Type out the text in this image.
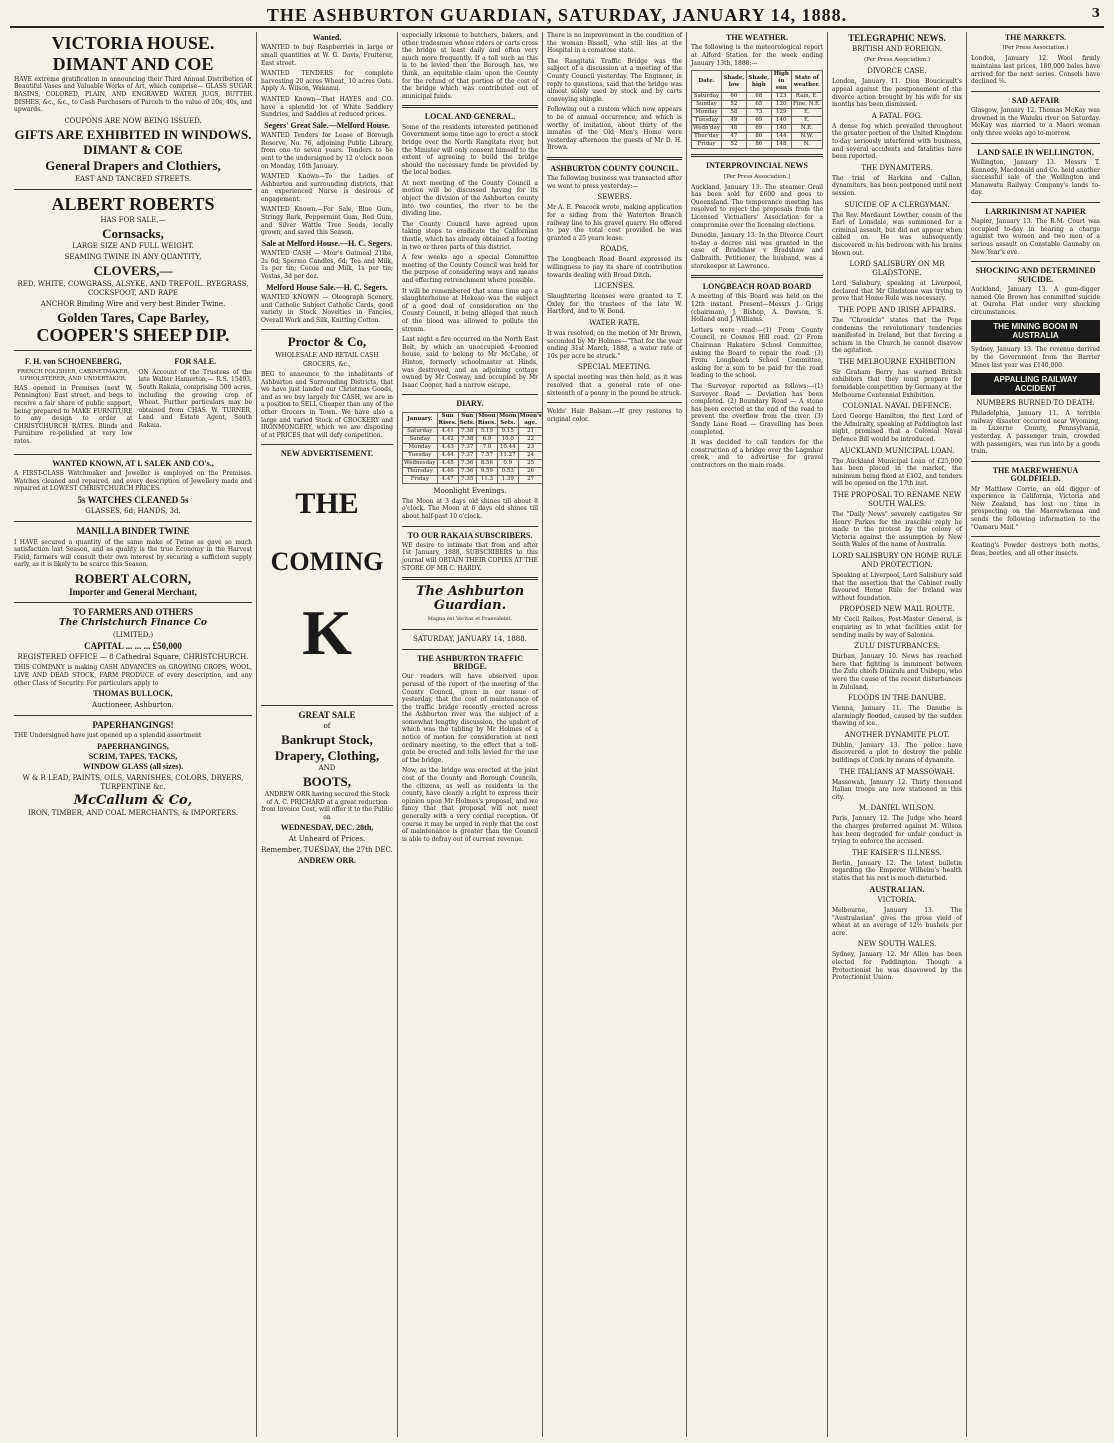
THE ASHBURTON GUARDIAN, SATURDAY, JANUARY 14, 1888.	3
VICTORIA HOUSE.
DIMANT AND COE

HAVE extreme gratification in announcing their Third Annual Distribution of Beautiful Vases and Valuable Works of Art, which comprise— GLASS SUGAR BASINS, COLORED, PLAIN, AND ENGRAVED WATER JUGS, BUTTER DISHES, &c., &c., to Cash Purchasers of Parcels to the value of 20s, 40s, and upwards.

COUPONS ARE NOW BEING ISSUED.
GIFTS ARE EXHIBITED IN WINDOWS.
DIMANT & COE
General Drapers and Clothiers,
EAST AND TANCRED STREETS.
ALBERT ROBERTS
HAS FOR SALE,—
Cornsacks,
LARGE SIZE AND FULL WEIGHT.
SEAMING TWINE IN ANY QUANTITY,
CLOVERS,—
RED, WHITE, COWGRASS, ALSYKE, AND TREFOIL. RYEGRASS, COCKSFOOT, AND RAPE
ANCHOR Binding Wire and very best Binder Twine.
Golden Tares, Cape Barley,
COOPER'S SHEEP DIP.
F. H. von SCHOENEBERG,
FRENCH POLISHER, CABINETMAKER, UPHOLSTERER, AND UNDERTAKER,

HAS opened in Premises (next W. Pennington) East street, and begs to receive a fair share of public support, being prepared to MAKE FURNITURE to any design to order at CHRISTCHURCH RATES. Blinds and Furniture re-polished at very low rates.

FOR SALE.

ON Account of the Trustees of the late Walter Hamerton,— R.S. 15493, South Rakaia, comprising 500 acres, including the growing crop of Wheat. Further particulars may be obtained from CHAS. W. TURNER, Land and Estate Agent, South Rakaia.

WANTED KNOWN, AT I. SALEK AND CO's.,

A FIRST-CLASS Watchmaker and Jeweller is employed on the Premises. Watches cleaned and repaired, and every description of Jewellery made and repaired at LOWEST CHRISTCHURCH PRICES.

5s WATCHES CLEANED 5s
GLASSES, 6d; HANDS, 3d.
MANILLA BINDER TWINE

I HAVE secured a quantity of the same make of Twine as gave so much satisfaction last Season, and as quality is the true Economy in the Harvest Field, farmers will consult their own interest by securing a sufficient supply early, as it is likely to be scarce this Season.

ROBERT ALCORN,
Importer and General Merchant,
TO FARMERS AND OTHERS
The Christchurch Finance Co
(LIMITED.)
CAPITAL ... ... ... £50,000
REGISTERED OFFICE — 8 Cathedral Square, CHRISTCHURCH.

THIS COMPANY is making CASH ADVANCES on GROWING CROPS, WOOL, LIVE AND DEAD STOCK, FARM PRODUCE of every description, and any other Class of Security. For particulars apply to

THOMAS BULLOCK,
Auctioneer, Ashburton.
PAPERHANGINGS!

THE Undersigned have just opened up a splendid assortment

PAPERHANGINGS,
SCRIM, TAPES, TACKS,
WINDOW GLASS (all sizes).
W & R LEAD, PAINTS, OILS, VARNISHES, COLORS, DRYERS, TURPENTINE &c.
McCallum & Co,
IRON, TIMBER, AND COAL MERCHANTS, & IMPORTERS.
Wanted.

WANTED to buy Raspberries in large or small quantities at W. G. Davis, Fruiterer, East street.

WANTED TENDERS for complete harvesting 20 acres Wheat, 10 acres Oats. Apply A. Wilson, Wakanui.

WANTED Known—That HAYES and CO. have a splendid lot of White Saddlery Sundries, and Saddles at reduced prices.

Segers' Great Sale.—Melford House.

WANTED Tenders for Lease of Borough Reserve, No. 76, adjoining Public Library, from one to seven years. Tenders to be sent to the undersigned by 12 o'clock noon on Monday, 16th January.

WANTED Known—To the Ladies of Ashburton and surrounding districts, that an experienced Nurse is desirous of engagement.

WANTED Known.—For Sale, Blue Gum, Stringy Bark, Peppermint Gum, Red Gum, and Silver Wattle Tree Seeds, locally grown, and saved this Season.

Sale at Melford House.—H. C. Segers.

WANTED CASH — Moir's Oatmeal 21lbs, 2s 6d; Spermo Candles, 6d; Tea and Milk, 1s per tin; Cocoa and Milk, 1s per tin; Vestas, 3d per doz.

Melford House Sale.—H. C. Segers.

WANTED KNOWN — Oleograph Scenery, and Catholic Subject Catholic Cards, good variety in Stock Novelties in Fancies, Overall Work and Silk, Knitting Cotton.

Proctor & Co,
WHOLESALE AND RETAIL CASH GROCERS, &c.,

BEG to announce to the inhabitants of Ashburton and Surrounding Districts, that we have just landed our Christmas Goods, and as we buy largely for CASH, we are in a position to SELL Cheaper than any of the other Grocers in Town. We have also a large and varied Stock of CROCKERY and IRONMONGERY, which we are disposing of at PRICES that will defy competition.

NEW ADVERTISEMENT.
THE
COMING
K
GREAT SALE
of
Bankrupt Stock,
Drapery, Clothing,
AND
BOOTS,

ANDREW ORR having secured the Stock of A. C. PRICHARD at a great reduction from Invoice Cost, will offer it to the Public on

WEDNESDAY, DEC. 28th,
At Unheard of Prices.
Remember, TUESDAY, the 27th DEC.
ANDREW ORR.

especially irksome to butchers, bakers, and other tradesmen whose riders or carts cross the bridge at least daily and often very much more frequently. If a toll such as this is to be levied then the Borough has, we think, an equitable claim upon the County for the refund of that portion of the cost of the bridge which was contributed out of municipal funds.

LOCAL AND GENERAL.

Some of the residents interested petitioned Government some time ago to erect a stock bridge over the North Rangitata river, but the Minister will only consent himself to the extent of agreeing to build the bridge should the necessary funds be provided by the local bodies.

At next meeting of the County Council a motion will be discussed having for its object the division of the Ashburton county into two counties, the river to be the dividing line.

The County Council have agreed upon taking steps to eradicate the Californian thistle, which has already obtained a footing in two or three parts of this district.

A few weeks ago a special Committee meeting of the County Council was held for the purpose of considering ways and means and effecting retrenchment where possible.

It will be remembered that some time ago a slaughterhouse at Hekeao was the subject of a good deal of consideration on the County Council, it being alleged that much of the blood was allowed to pollute the stream.

Last night a fire occurred on the North East Belt, by which an unoccupied 4-roomed house, said to belong to Mr McCabe, of Hinton, formerly schoolmaster at Hinds, was destroyed, and an adjoining cottage owned by Mr Cosway, and occupied by Mr Isaac Cooper, had a narrow escape.

DIARY.
January.	Sun Rises.	Sun Sets.	Moon Rises.	Moon Sets.	Moon's age.
Saturday	4.41	7.38	5.19	9.15	21
Sunday	4.42	7.38	6.9	10.0	22
Monday	4.43	7.37	7.0	10.44	23
Tuesday	4.44	7.37	7.57	11.27	24
Wednesday	4.45	7.36	8.56	0.9	25
Thursday	4.46	7.36	9.59	0.53	26
Friday	4.47	7.35	11.3	1.39	27
Moonlight Evenings.

The Moon at 3 days old shines till about 8 o'clock. The Moon at 6 days old shines till about half-past 10 o'clock.

TO OUR RAKAIA SUBSCRIBERS.

WE desire to intimate that from and after 1st January, 1888, SUBSCRIBERS to this journal will OBTAIN THEIR COPIES AT THE STORE OF MR C. HARDY.

The Ashburton Guardian.
Magna est Veritas et Praevalebit.
SATURDAY, JANUARY 14, 1888.
THE ASHBURTON TRAFFIC BRIDGE.

Our readers will have observed upon perusal of the report of the meeting of the County Council, given in our issue of yesterday, that the cost of maintenance of the traffic bridge recently erected across the Ashburton river was the subject of a somewhat lengthy discussion, the upshot of which was the tabling by Mr Holmes of a notice of motion for consideration at next ordinary meeting, to the effect that a toll-gate be erected and tolls levied for the use of the bridge.

Now, as the bridge was erected at the joint cost of the County and Borough Councils, the citizens, as well as residents in the county, have clearly a right to express their opinion upon Mr Holmes's proposal, and we fancy that that proposal will not meet generally with a very cordial reception. Of course it may be urged in reply that the cost of maintenance is greater than the Council is able to defray out of current revenue.

There is no improvement in the condition of the woman Bissell, who still lies at the Hospital in a comatose state.

The Rangitata Traffic Bridge was the subject of a discussion at a meeting of the County Council yesterday. The Engineer, in reply to questions, said that the bridge was almost solely used by stock and by carts conveying shingle.

Following out a custom which now appears to be of annual occurrence, and which is worthy of imitation, about thirty of the inmates of the Old Men's Home were yesterday afternoon the guests of Mr D. H. Brown.

ASHBURTON COUNTY COUNCIL.

The following business was transacted after we went to press yesterday:—

SEWERS.

Mr A. E. Peacock wrote, making application for a siding from the Waterton Branch railway line to his gravel quarry. He offered to pay the total cost provided he was granted a 25 years lease.

ROADS.

The Longbeach Road Board expressed its willingness to pay its share of contribution towards dealing with Broad Ditch.

LICENSES.

Slaughtering licenses were granted to T. Oxley for the trustees of the late W. Hartford, and to W. Bond.

WATER RATE.

It was resolved, on the motion of Mr Brown, seconded by Mr Holmes—"That for the year ending 31st March, 1888, a water rate of 10s per acre be struck."

SPECIAL MEETING.

A special meeting was then held, as it was resolved that a general rate of one-sixteenth of a penny in the pound be struck.

Welds' Hair Balsam.—If grey restores to original color.

THE WEATHER.

The following is the meteorological report at Alford Station for the week ending January 13th, 1888:—

Date.	Shade, low	Shade, high	High in sun	State of weather.
Saturday	60	68	123	Rain, E.
Sunday	52	65	120	Fine, N.E.
Monday	58	73	129	E.
Tuesday	49	69	140	E.
Wedn'day	48	69	140	N.E.
Thur'day	47	80	144	N.W.
Friday	52	86	148	N.
INTERPROVINCIAL NEWS
[Per Press Association.]

Auckland, January 13. The steamer Grail has been sold for £600 and goes to Queensland. The temperance meeting has resolved to reject the proposals from the Licensed Victuallers' Association for a compromise over the licensing elections.

Dunedin, January 13. In the Divorce Court to-day a decree nisi was granted in the case of Bradshaw v Bradshaw and Galbraith. Petitioner, the husband, was a storekeeper at Lawrence.

LONGBEACH ROAD BOARD

A meeting of this Board was held on the 12th instant. Present—Messrs J. Grigg (chairman), J. Bishop, A. Dawson, S. Holland and J. Williams.

Letters were read:—(1) From County Council, re Cosmos Hill road. (2) From Chairman Hakatere School Committee, asking the Board to repair the road. (3) From Longbeach School Committee, asking for a sum to be paid for the road leading to the school.

The Surveyor reported as follows:—(1) Surveyor Road — Deviation has been completed. (2) Boundary Road — A stone has been erected at the end of the road to prevent the overflow from the river. (3) Sandy Lane Road — Gravelling has been completed.

It was decided to call tenders for the construction of a bridge over the Lagmhor creek, and to advertise for gravel contractors on the main roads.

TELEGRAPHIC NEWS.
BRITISH AND FOREIGN.
(Per Press Association.)
DIVORCE CASE.

London, January 11. Dion Boucicault's appeal against the postponement of the divorce action brought by his wife for six months has been dismissed.

A FATAL FOG.

A dense fog which prevailed throughout the greater portion of the United Kingdom to-day seriously interfered with business, and several accidents and fatalities have been reported.

THE DYNAMITERS.

The trial of Harkins and Callan, dynamiters, has been postponed until next session.

SUICIDE OF A CLERGYMAN.

The Rev. Mordaunt Lowther, cousin of the Earl of Lonsdale, was summoned for a criminal assault, but did not appear when called on. He was subsequently discovered in his bedroom with his brains blown out.

LORD SALISBURY ON MR GLADSTONE.

Lord Salisbury, speaking at Liverpool, declared that Mr Gladstone was trying to prove that Home Rule was necessary.

THE POPE AND IRISH AFFAIRS.

The "Chronicle" states that the Pope condemns the revolutionary tendencies manifested in Ireland, but that forcing a schism in the Church he cannot disavow the agitation.

THE MELBOURNE EXHIBITION

Sir Graham Berry has warned British exhibitors that they must prepare for formidable competition by Germany at the Melbourne Centennial Exhibition.

COLONIAL NAVAL DEFENCE.

Lord George Hamilton, the first Lord of the Admiralty, speaking at Paddington last night, promised that a Colonial Naval Defence Bill would be introduced.

AUCKLAND MUNICIPAL LOAN.

The Auckland Municipal Loan of £25,000 has been placed in the market, the minimum being fixed at £102, and tenders will be opened on the 17th inst.

THE PROPOSAL TO RENAME NEW SOUTH WALES.

The "Daily News" severely castigates Sir Henry Parkes for the irascible reply he made to the protest by the colony of Victoria against the assumption by New South Wales of the name of Australia.

LORD SALISBURY ON HOME RULE AND PROTECTION.

Speaking at Liverpool, Lord Salisbury said that the assertion that the Cabinet really favoured Home Rule for Ireland was without foundation.

PROPOSED NEW MAIL ROUTE.

Mr Cecil Raikes, Post-Master General, is enquiring as to what facilities exist for sending mails by way of Salonica.

ZULU DISTURBANCES.

Durban, January 10. News has reached here that fighting is imminent between the Zulu chiefs Dinizulu and Usibepu, who were the cause of the recent disturbances in Zululand.

FLOODS IN THE DANUBE.

Vienna, January 11. The Danube is alarmingly flooded, caused by the sudden thawing of ice.

ANOTHER DYNAMITE PLOT.

Dublin, January 13. The police have discovered a plot to destroy the public buildings of Cork by means of dynamite.

THE ITALIANS AT MASSOWAH.

Massowah, January 12. Thirty thousand Italian troops are now stationed in this city.

M. DANIEL WILSON.

Paris, January 12. The Judge who heard the charges preferred against M. Wilson has been degraded for unfair conduct in trying to enforce the accused.

THE KAISER'S ILLNESS.

Berlin, January 12. The latest bulletin regarding the Emperor Wilhelm's health states that his rest is much disturbed.

AUSTRALIAN.
VICTORIA.

Melbourne, January 13. The "Australasian" gives the gross yield of wheat at an average of 12½ bushels per acre.

NEW SOUTH WALES.

Sydney, January 12. Mr Allen has been elected for Paddington. Though a Protectionist he was disavowed by the Protectionist Union.

THE MARKETS.
(Per Press Association.)

London, January 12. Wool firmly maintains last prices, 180,000 bales have arrived for the next series. Consols have declined ⅛.

SAD AFFAIR

Glasgow, January 12. Thomas McKay was drowned in the Waiuku river on Saturday. McKay was married to a Maori woman only three weeks ago to-morrow.

LAND SALE IN WELLINGTON,

Wellington, January 13. Messrs T. Kennedy, Macdonald and Co. held another successful sale of the Wellington and Manawatu Railway Company's lands to-day.

LARRIKINISM AT NAPIER

Napier, January 13. The R.M. Court was occupied to-day in hearing a charge against two women and two men of a serious assault on Constable Gannaby on New Year's eve.

SHOCKING AND DETERMINED SUICIDE.

Auckland, January 13. A gum-digger named Ole Brown has committed suicide at Ouroha Flat under very shocking circumstances.

THE MINING BOOM IN AUSTRALIA

Sydney, January 13. The revenue derived by the Government from the Barrier Mines last year was £140,000.

APPALLING RAILWAY ACCIDENT
NUMBERS BURNED TO DEATH.

Philadelphia, January 11. A terrible railway disaster occurred near Wyoming, in Luzerne County, Pennsylvania, yesterday. A passenger train, crowded with passengers, was run into by a goods train.

THE MAEREWHENUA GOLDFIELD.

Mr Matthew Corrie, an old digger of experience in California, Victoria and New Zealand, has lost no time in prospecting on the Maerewhenua and sends the following information to the "Oamaru Mail."

Keating's Powder destroys both moths, fleas, beetles, and all other insects.
